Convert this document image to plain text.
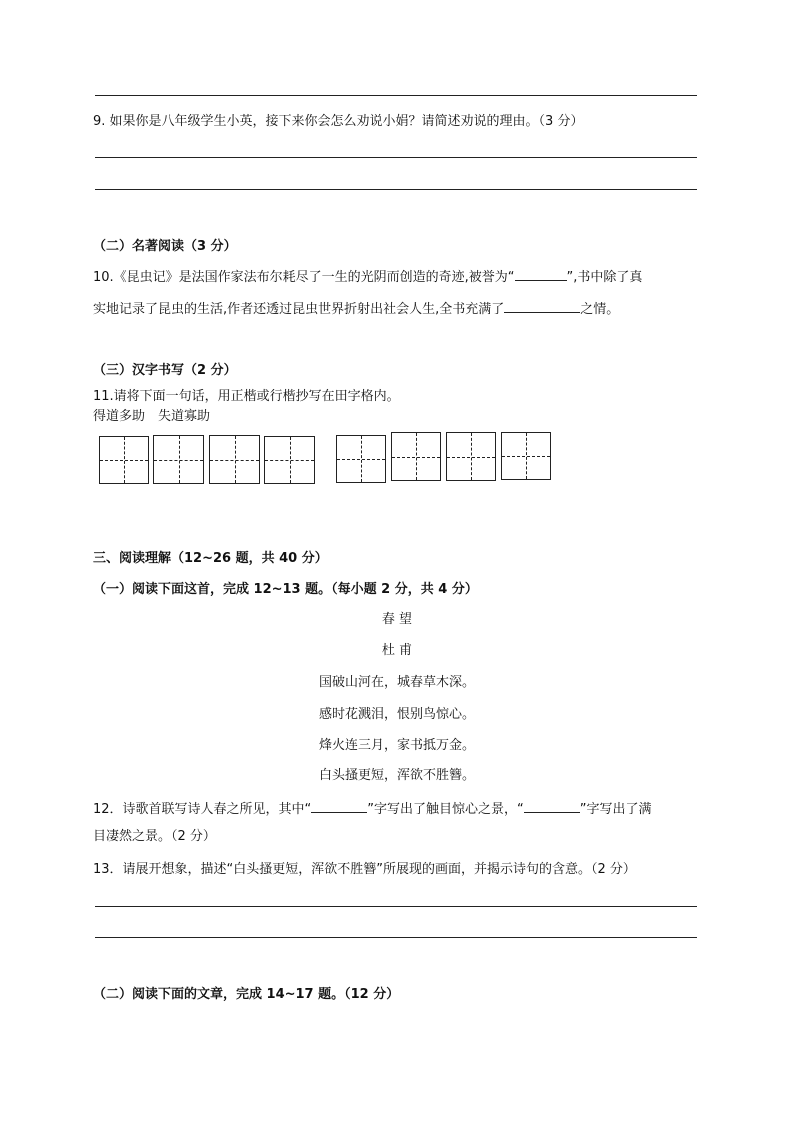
9. 如果你是八年级学生小英，接下来你会怎么劝说小娟？请简述劝说的理由。（3 分）
（二）名著阅读（3 分）
10.《昆虫记》是法国作家法布尔耗尽了一生的光阴而创造的奇迹,被誉为“	”,书中除了真
实地记录了昆虫的生活,作者还透过昆虫世界折射出社会人生,全书充满了	之情。
（三）汉字书写（2 分）
11.请将下面一句话，用正楷或行楷抄写在田字格内。
得道多助　失道寡助
三、阅读理解（12~26 题，共 40 分）
（一）阅读下面这首，完成 12~13 题。（每小题 2 分，共 4 分）
春 望
杜 甫
国破山河在，城春草木深。
感时花溅泪，恨别鸟惊心。
烽火连三月，家书抵万金。
白头搔更短，浑欲不胜簪。
12．诗歌首联写诗人春之所见，其中“	”字写出了触目惊心之景，“	”字写出了满
目凄然之景。（2 分）
13．请展开想象，描述“白头搔更短，浑欲不胜簪”所展现的画面，并揭示诗句的含意。（2 分）
（二）阅读下面的文章，完成 14~17 题。（12 分）
